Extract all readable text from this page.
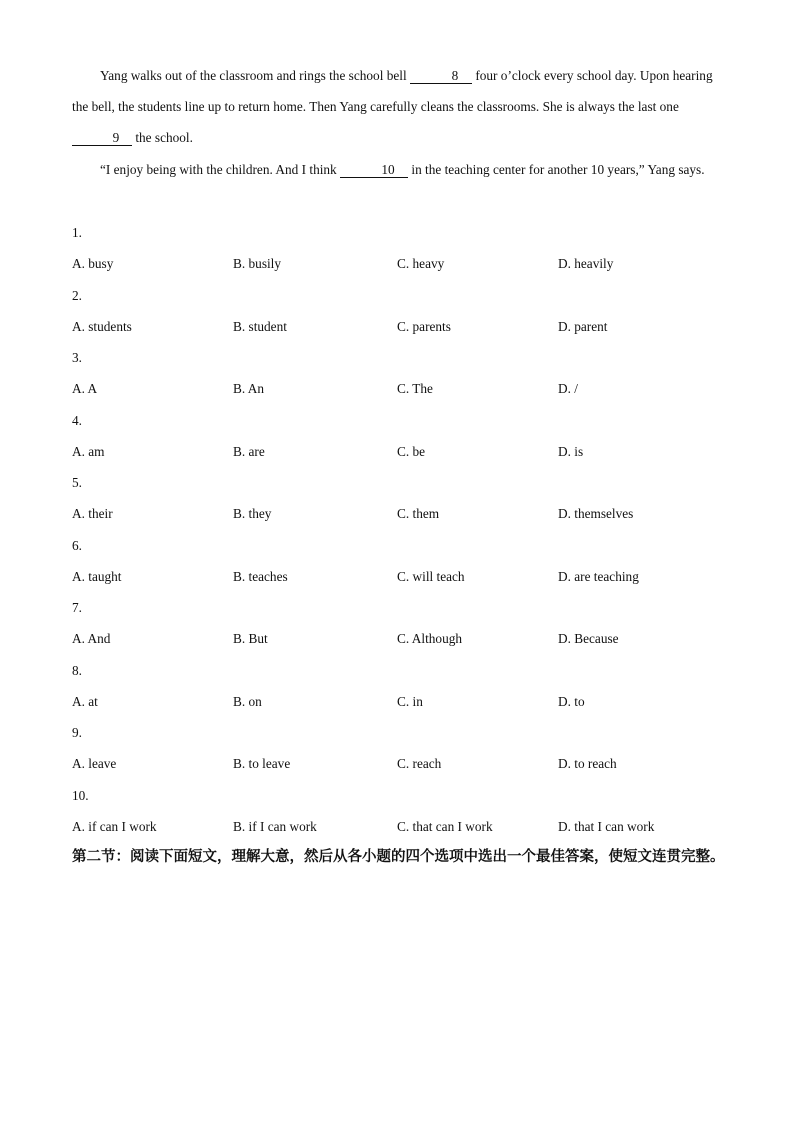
Yang walks out of the classroom and rings the school bell	8 four o’clock every school day. Upon hearing the bell, the students line up to return home. Then Yang carefully cleans the classrooms. She is always the last one 9 the school.
“I enjoy being with the children. And I think	10 in the teaching center for another 10 years,” Yang says.
1.
A. busy	B. busily	C. heavy	D. heavily
2.
A. students	B. student	C. parents	D. parent
3.
A. A	B. An	C. The	D. /
4.
A. am	B. are	C. be	D. is
5.
A. their	B. they	C. them	D. themselves
6.
A. taught	B. teaches	C. will teach	D. are teaching
7.
A. And	B. But	C. Although	D. Because
8.
A. at	B. on	C. in	D. to
9.
A. leave	B. to leave	C. reach	D. to reach
10.
A. if can I work	B. if I can work	C. that can I work	D. that I can work
第二节：阅读下面短文，理解大意，然后从各小题的四个选项中选出一个最佳答案，使短文连贯完整。
